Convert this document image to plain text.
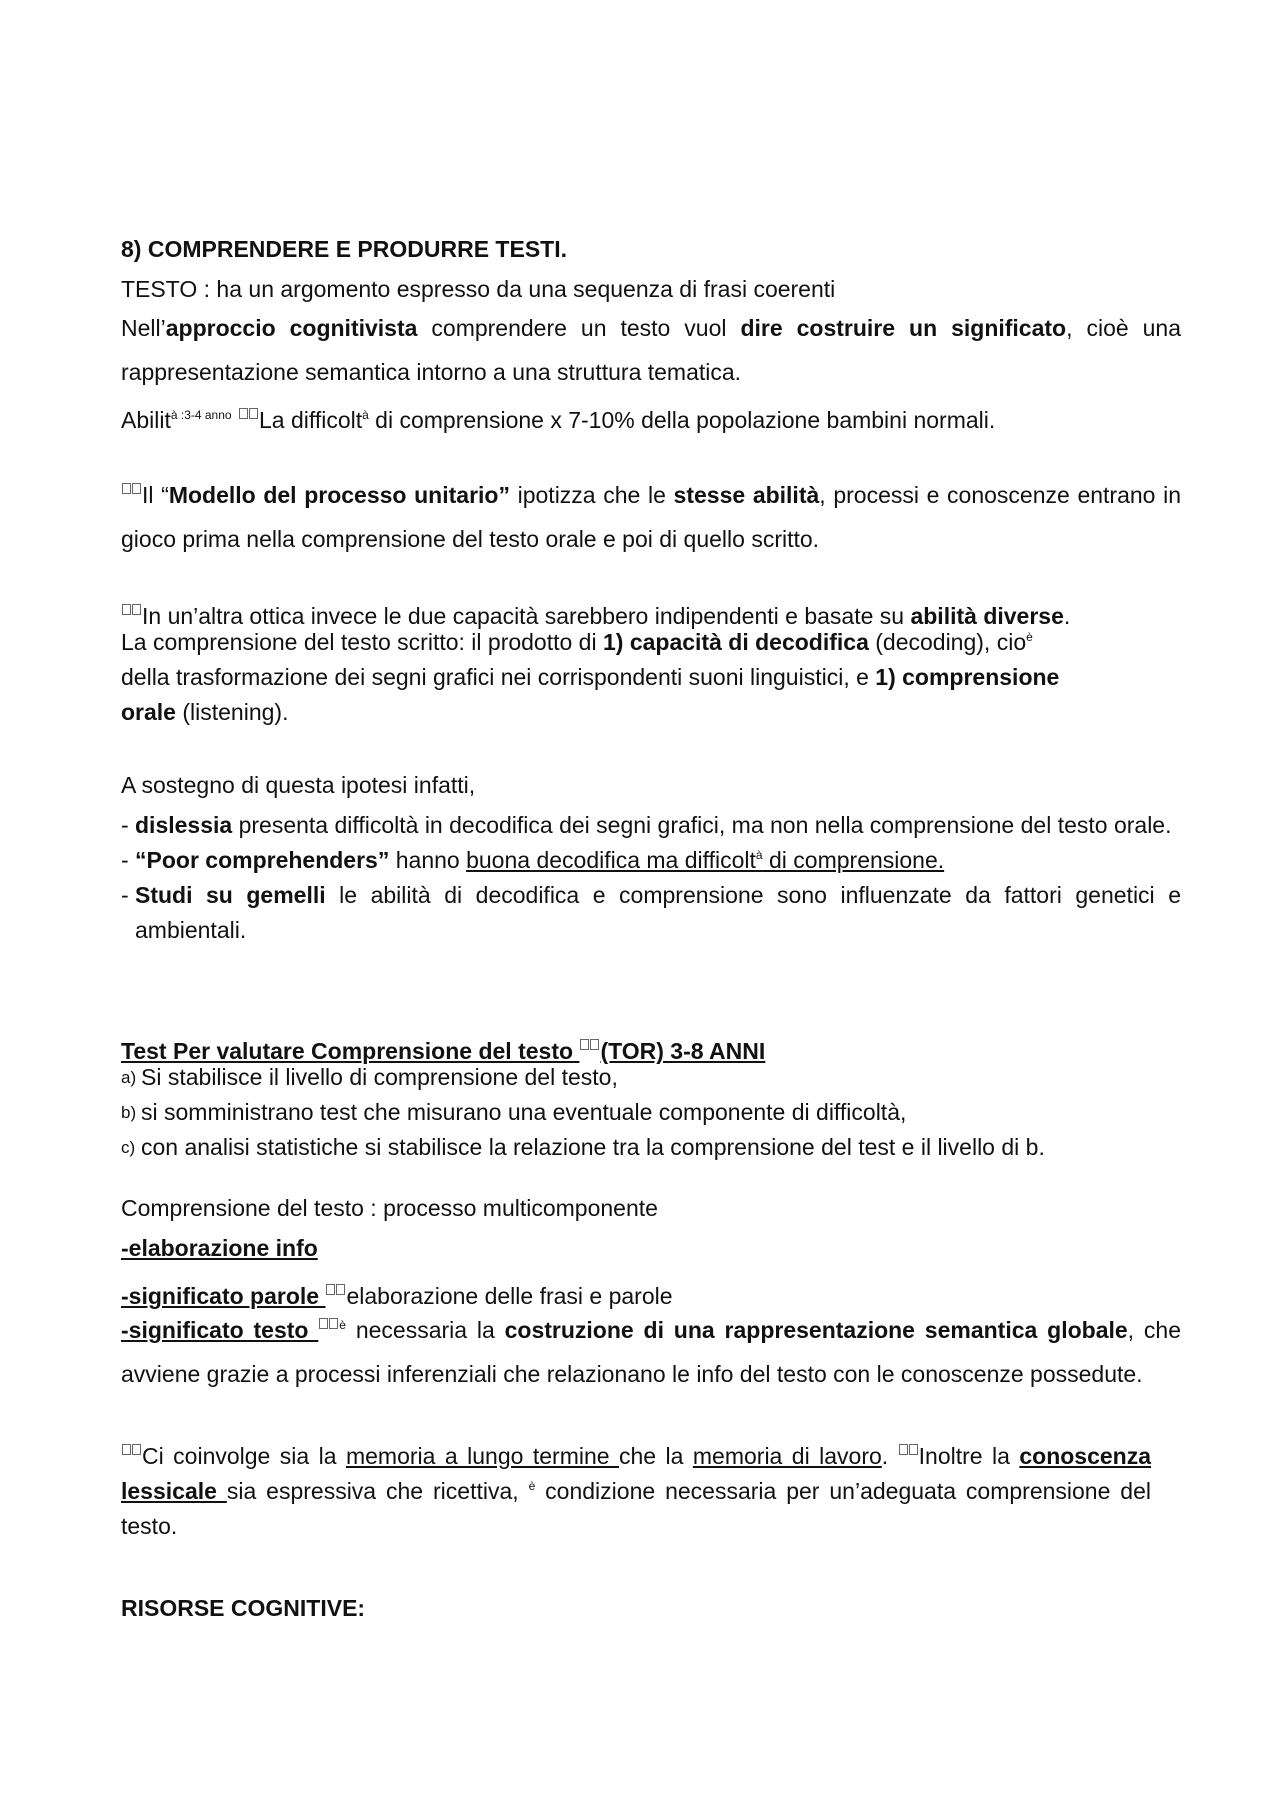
8) COMPRENDERE E PRODURRE TESTI.

TESTO : ha un argomento espresso da una sequenza di frasi coerenti

Nell’approccio cognitivista comprendere un testo vuol dire costruire un significato, cioè una rappresentazione semantica intorno a una struttura tematica.

Abilit$^{à :3-4 anno}$ La difficolt$^à$ di comprensione x 7-10% della popolazione bambini normali.

Il “Modello del processo unitario” ipotizza che le stesse abilità, processi e conoscenze entrano in gioco prima nella comprensione del testo orale e poi di quello scritto.

In un’altra ottica invece le due capacità sarebbero indipendenti e basate su abilità diverse.

La comprensione del testo scritto: il prodotto di 1) capacità di decodifica (decoding), cio$^è$
della trasformazione dei segni grafici nei corrispondenti suoni linguistici, e 1) comprensione
orale (listening).

A sostegno di questa ipotesi infatti,

- dislessia presenta difficoltà in decodifica dei segni grafici, ma non nella comprensione del testo orale.
- “Poor comprehenders” hanno buona decodifica ma difficolt$^à$ di comprensione.
- Studi su gemelli le abilità di decodifica e comprensione sono influenzate da fattori genetici e ambientali.

Test Per valutare Comprensione del testo (TOR) 3-8 ANNI

a) Si stabilisce il livello di comprensione del testo,
b) si somministrano test che misurano una eventuale componente di difficoltà,
c) con analisi statistiche si stabilisce la relazione tra la comprensione del test e il livello di b.

Comprensione del testo : processo multicomponente

-elaborazione info

-significato parole elaborazione delle frasi e parole

-significato testo $^è$ necessaria la costruzione di una rappresentazione semantica globale, che avviene grazie a processi inferenziali che relazionano le info del testo con le conoscenze possedute.

Ci coinvolge sia la memoria a lungo termine che la memoria di lavoro. Inoltre la conoscenza lessicale sia espressiva che ricettiva, $^è$ condizione necessaria per un’adeguata comprensione del testo.

RISORSE COGNITIVE:
